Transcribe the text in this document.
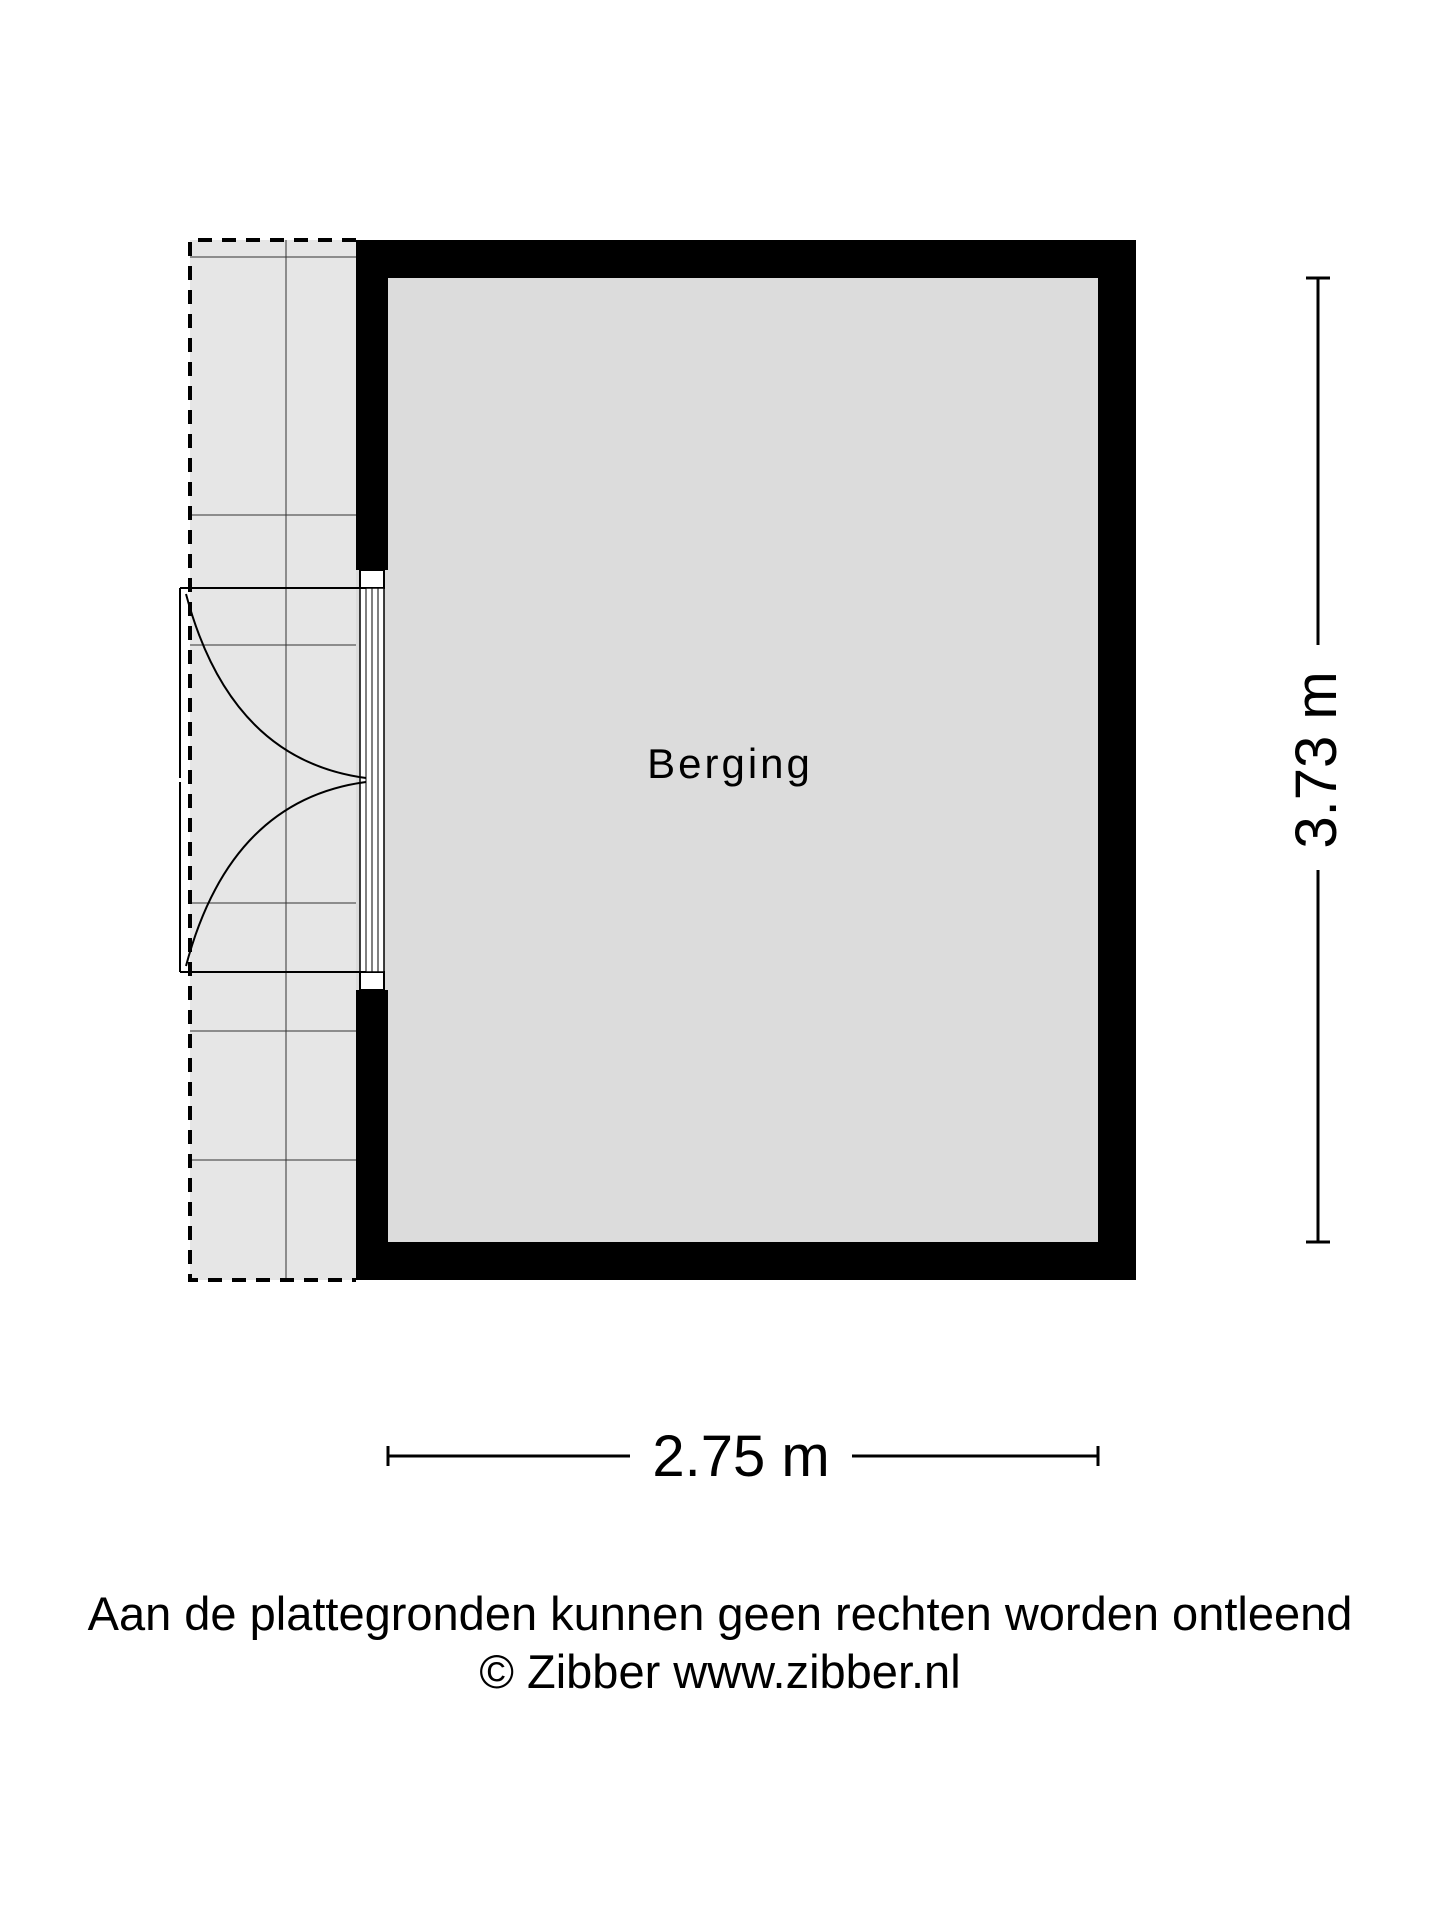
Berging	3.73 m
2.75 m
Aan de plattegronden kunnen geen rechten worden ontleend
© Zibber www.zibber.nl
